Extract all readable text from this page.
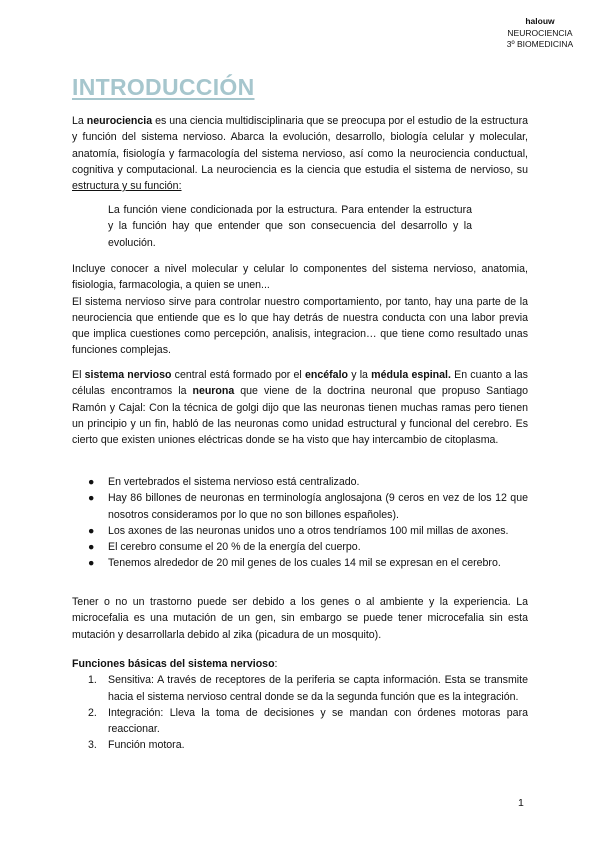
halouw
NEUROCIENCIA
3º BIOMEDICINA
INTRODUCCIÓN

La neurociencia es una ciencia multidisciplinaria que se preocupa por el estudio de la estructura y función del sistema nervioso. Abarca la evolución, desarrollo, biología celular y molecular, anatomía, fisiología y farmacología del sistema nervioso, así como la neurociencia conductual, cognitiva y computacional. La neurociencia es la ciencia que estudia el sistema de nervioso, su estructura y su función:

La función viene condicionada por la estructura. Para entender la estructura y la función hay que entender que son consecuencia del desarrollo y la evolución.

Incluye conocer a nivel molecular y celular lo componentes del sistema nervioso, anatomia, fisiologia, farmacologia, a quien se unen...
El sistema nervioso sirve para controlar nuestro comportamiento, por tanto, hay una parte de la neurociencia que entiende que es lo que hay detrás de nuestra conducta con una labor previa que implica cuestiones como percepción, analisis, integracion… que tiene como resultado unas funciones complejas.

El sistema nervioso central está formado por el encéfalo y la médula espinal. En cuanto a las células encontramos la neurona que viene de la doctrina neuronal que propuso Santiago Ramón y Cajal: Con la técnica de golgi dijo que las neuronas tienen muchas ramas pero tienen un principio y un fin, habló de las neuronas como unidad estructural y funcional del cerebro. Es cierto que existen uniones eléctricas donde se ha visto que hay intercambio de citoplasma.

● En vertebrados el sistema nervioso está centralizado.
● Hay 86 billones de neuronas en terminología anglosajona (9 ceros en vez de los 12 que nosotros consideramos por lo que no son billones españoles).
● Los axones de las neuronas unidos uno a otros tendríamos 100 mil millas de axones.
● El cerebro consume el 20 % de la energía del cuerpo.
● Tenemos alrededor de 20 mil genes de los cuales 14 mil se expresan en el cerebro.

Tener o no un trastorno puede ser debido a los genes o al ambiente y la experiencia. La microcefalia es una mutación de un gen, sin embargo se puede tener microcefalia sin esta mutación y desarrollarla debido al zika (picadura de un mosquito).

Funciones básicas del sistema nervioso:
1. Sensitiva: A través de receptores de la periferia se capta información. Esta se transmite hacia el sistema nervioso central donde se da la segunda función que es la integración.
2. Integración: Lleva la toma de decisiones y se mandan con órdenes motoras para reaccionar.
3. Función motora.
1
